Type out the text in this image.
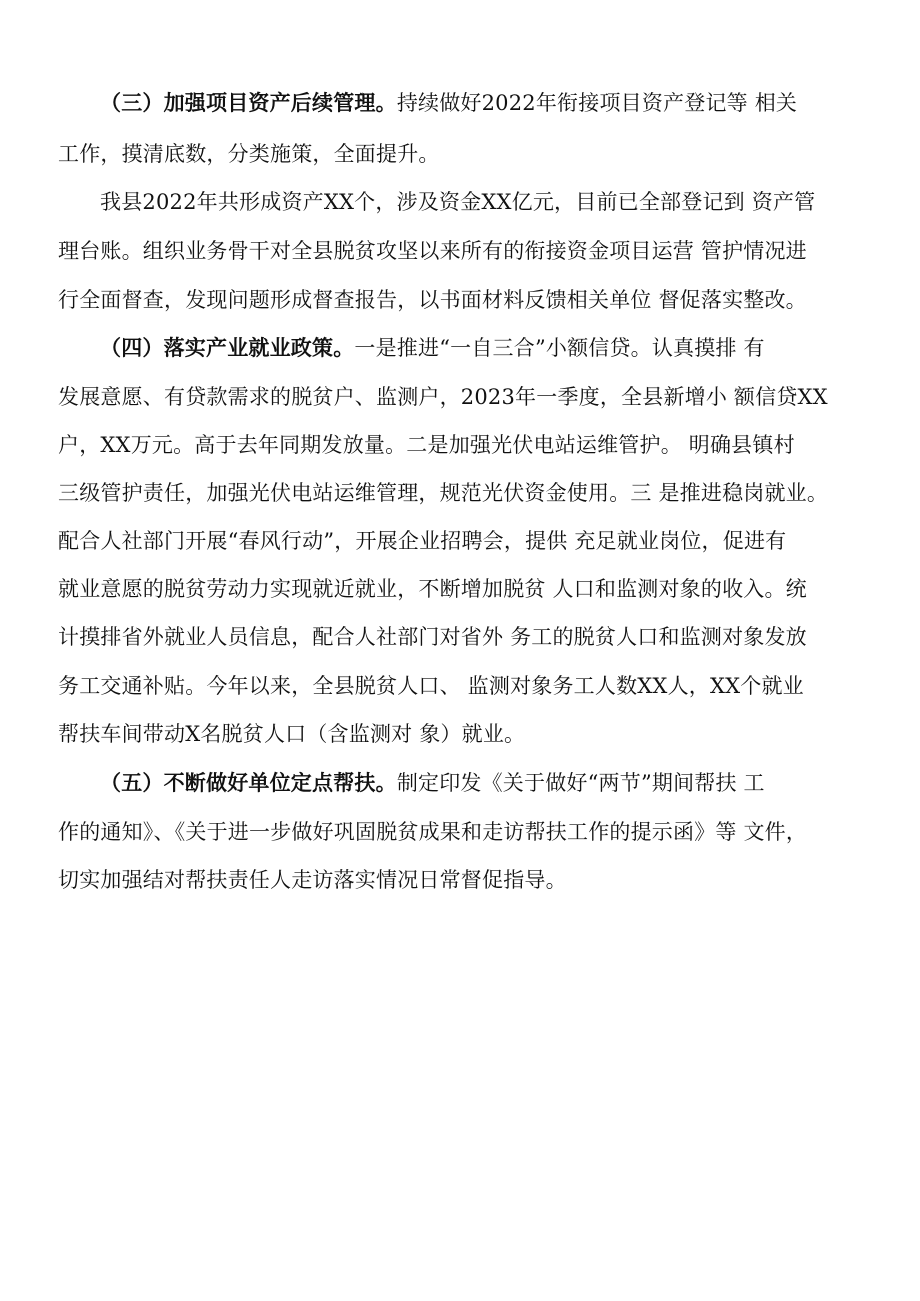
（三）加强项目资产后续管理。持续做好2022年衔接项目资产登记等 相关
工作，摸清底数，分类施策，全面提升。
我县2022年共形成资产XX个，涉及资金XX亿元，目前已全部登记到 资产管
理台账。组织业务骨干对全县脱贫攻坚以来所有的衔接资金项目运营 管护情况进
行全面督查，发现问题形成督查报告，以书面材料反馈相关单位 督促落实整改。
（四）落实产业就业政策。一是推进“一自三合”小额信贷。认真摸排 有
发展意愿、有贷款需求的脱贫户、监测户，2023年一季度，全县新增小 额信贷XX
户，XX万元。高于去年同期发放量。二是加强光伏电站运维管护。 明确县镇村
三级管护责任，加强光伏电站运维管理，规范光伏资金使用。三 是推进稳岗就业。
配合人社部门开展“春风行动”，开展企业招聘会，提供 充足就业岗位，促进有
就业意愿的脱贫劳动力实现就近就业，不断增加脱贫 人口和监测对象的收入。统
计摸排省外就业人员信息，配合人社部门对省外 务工的脱贫人口和监测对象发放
务工交通补贴。今年以来，全县脱贫人口、 监测对象务工人数XX人，XX个就业
帮扶车间带动X名脱贫人口（含监测对 象）就业。
（五）不断做好单位定点帮扶。制定印发《关于做好“两节”期间帮扶 工
作的通知》、《关于进一步做好巩固脱贫成果和走访帮扶工作的提示函》等 文件，
切实加强结对帮扶责任人走访落实情况日常督促指导。
